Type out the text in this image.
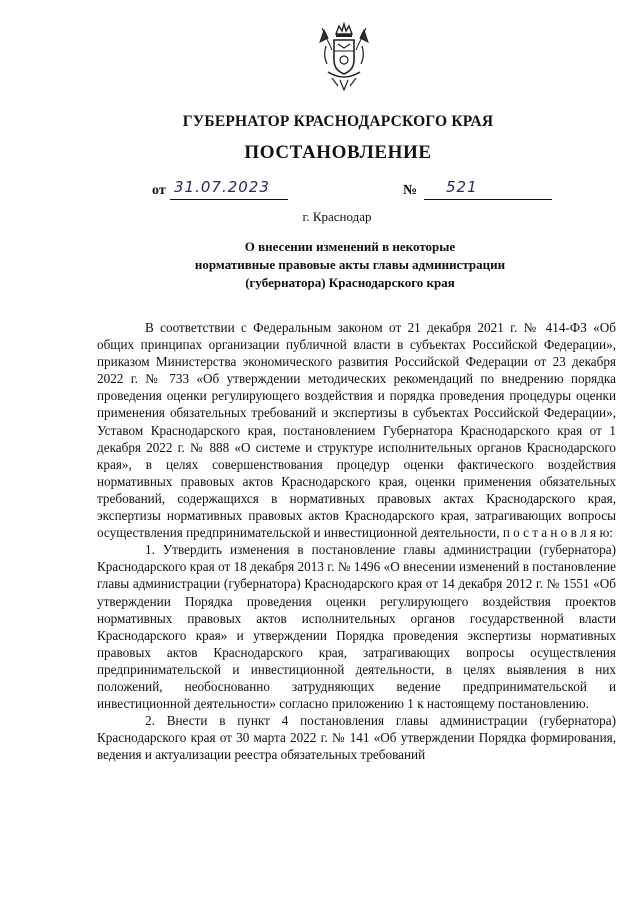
ГУБЕРНАТОР КРАСНОДАРСКОГО КРАЯ
ПОСТАНОВЛЕНИЕ
от 31.07.2023	№ 521
г. Краснодар
О внесении изменений в некоторые
нормативные правовые акты главы администрации
(губернатора) Краснодарского края

В соответствии с Федеральным законом от 21 декабря 2021 г. № 414-ФЗ «Об общих принципах организации публичной власти в субъектах Российской Федерации», приказом Министерства экономического развития Российской Федерации от 23 декабря 2022 г. № 733 «Об утверждении методических рекомендаций по внедрению порядка проведения оценки регулирующего воздействия и порядка проведения процедуры оценки применения обязательных требований и экспертизы в субъектах Российской Федерации», Уставом Краснодарского края, постановлением Губернатора Краснодарского края от 1 декабря 2022 г. № 888 «О системе и структуре исполнительных органов Краснодарского края», в целях совершенствования процедур оценки фактического воздействия нормативных правовых актов Краснодарского края, оценки применения обязательных требований, содержащихся в нормативных правовых актах Краснодарского края, экспертизы нормативных правовых актов Краснодарского края, затрагивающих вопросы осуществления предпринимательской и инвестиционной деятельности, п о с т а н о в л я ю:

1. Утвердить изменения в постановление главы администрации (губернатора) Краснодарского края от 18 декабря 2013 г. № 1496 «О внесении изменений в постановление главы администрации (губернатора) Краснодарского края от 14 декабря 2012 г. № 1551 «Об утверждении Порядка проведения оценки регулирующего воздействия проектов нормативных правовых актов исполнительных органов государственной власти Краснодарского края» и утверждении Порядка проведения экспертизы нормативных правовых актов Краснодарского края, затрагивающих вопросы осуществления предпринимательской и инвестиционной деятельности, в целях выявления в них положений, необоснованно затрудняющих ведение предпринимательской и инвестиционной деятельности» согласно приложению 1 к настоящему постановлению.

2. Внести в пункт 4 постановления главы администрации (губернатора) Краснодарского края от 30 марта 2022 г. № 141 «Об утверждении Порядка формирования, ведения и актуализации реестра обязательных требований
